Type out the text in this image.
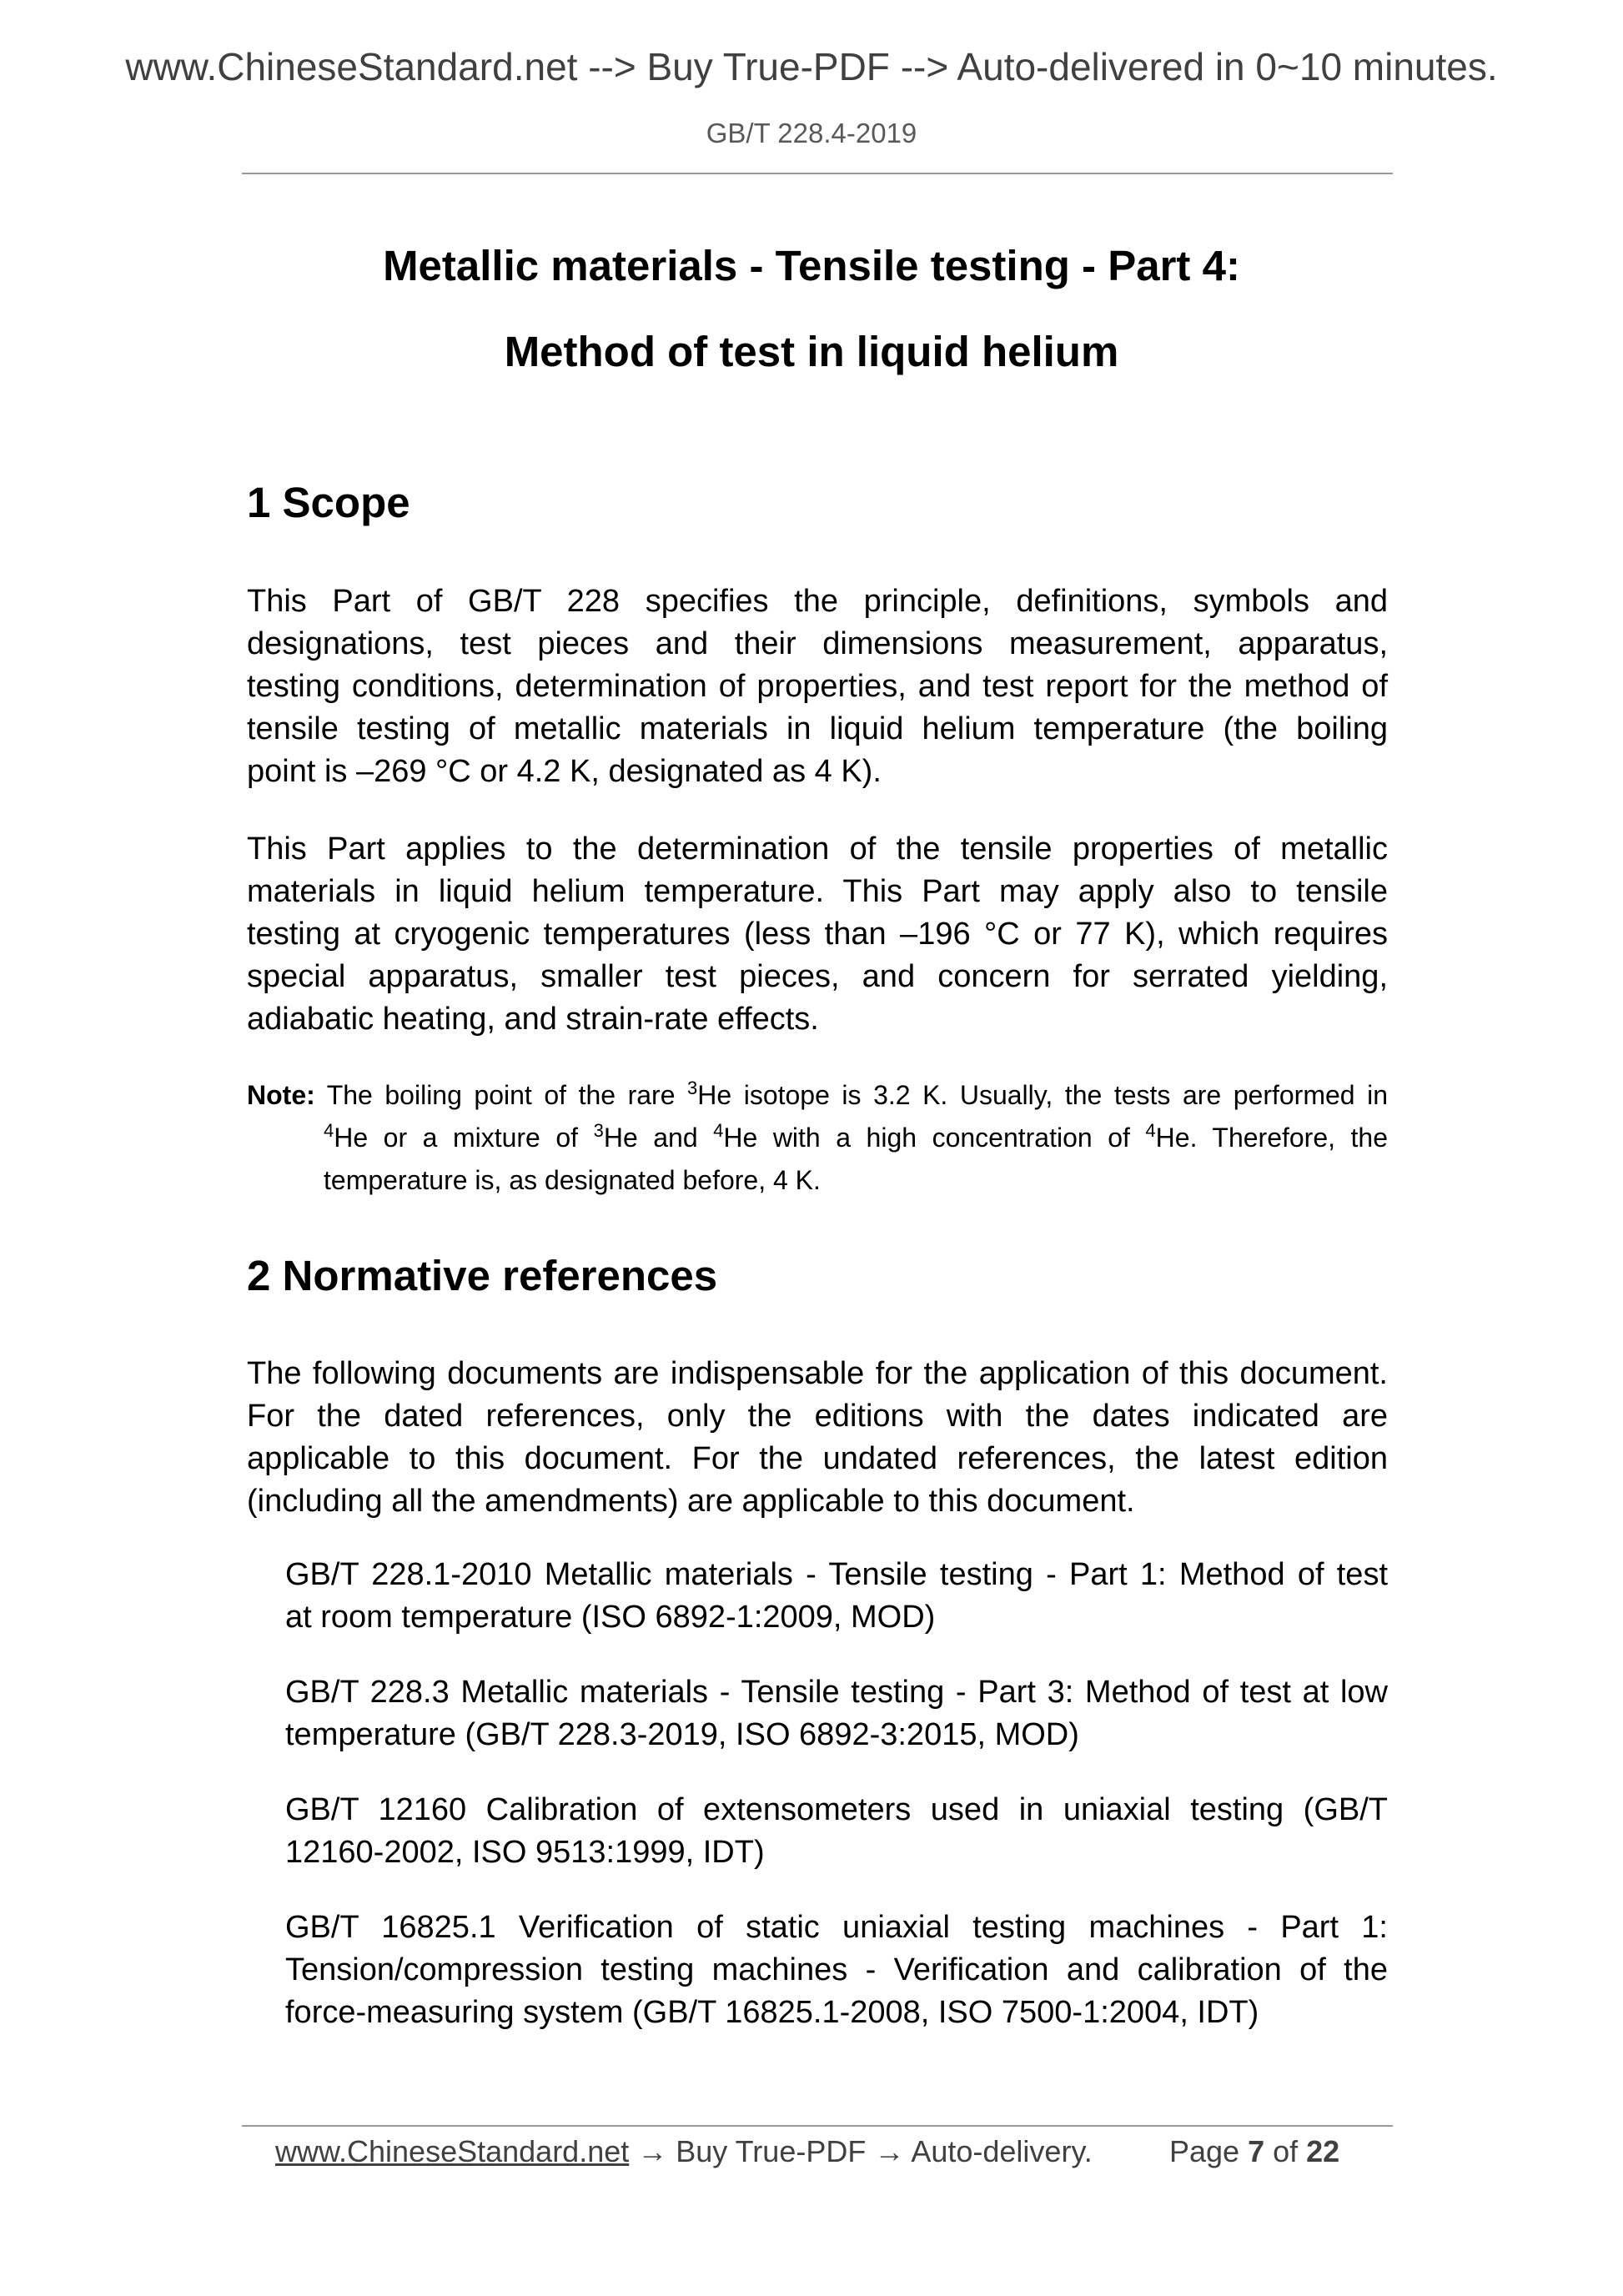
www.ChineseStandard.net --> Buy True-PDF --> Auto-delivered in 0~10 minutes.
GB/T 228.4-2019
Metallic materials - Tensile testing - Part 4:
Method of test in liquid helium
1 Scope
This Part of GB/T 228 specifies the principle, definitions, symbols and
designations, test pieces and their dimensions measurement, apparatus,
testing conditions, determination of properties, and test report for the method of
tensile testing of metallic materials in liquid helium temperature (the boiling
point is –269 °C or 4.2 K, designated as 4 K).
This Part applies to the determination of the tensile properties of metallic
materials in liquid helium temperature. This Part may apply also to tensile
testing at cryogenic temperatures (less than –196 °C or 77 K), which requires
special apparatus, smaller test pieces, and concern for serrated yielding,
adiabatic heating, and strain-rate effects.
Note: The boiling point of the rare $^3$He isotope is 3.2 K. Usually, the tests are performed in
$^4$He or a mixture of $^3$He and $^4$He with a high concentration of $^4$He. Therefore, the
temperature is, as designated before, 4 K.
2 Normative references
The following documents are indispensable for the application of this document.
For the dated references, only the editions with the dates indicated are
applicable to this document. For the undated references, the latest edition
(including all the amendments) are applicable to this document.
GB/T 228.1-2010 Metallic materials - Tensile testing - Part 1: Method of test
at room temperature (ISO 6892-1:2009, MOD)
GB/T 228.3 Metallic materials - Tensile testing - Part 3: Method of test at low
temperature (GB/T 228.3-2019, ISO 6892-3:2015, MOD)
GB/T 12160 Calibration of extensometers used in uniaxial testing (GB/T
12160-2002, ISO 9513:1999, IDT)
GB/T 16825.1 Verification of static uniaxial testing machines - Part 1:
Tension/compression testing machines - Verification and calibration of the
force-measuring system (GB/T 16825.1-2008, ISO 7500-1:2004, IDT)
www.ChineseStandard.net → Buy True-PDF → Auto-delivery.	Page 7 of 22
